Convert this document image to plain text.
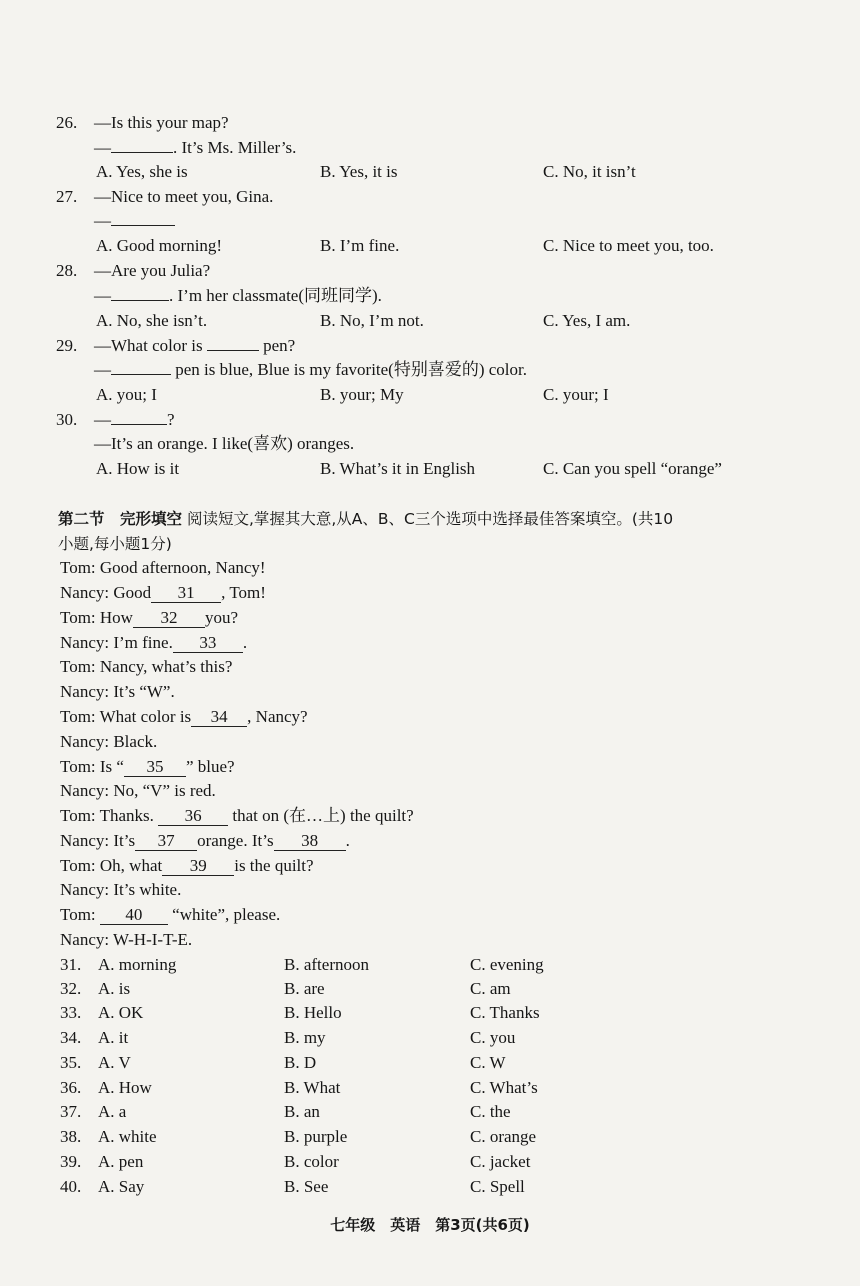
26. —Is this your map?
—	. It’s Ms. Miller’s.
A. Yes, she is	B. Yes, it is	C. No, it isn’t
27. —Nice to meet you, Gina.
—
A. Good morning!	B. I’m fine.	C. Nice to meet you, too.
28. —Are you Julia?
—	. I’m her classmate(同班同学).
A. No, she isn’t.	B. No, I’m not.	C. Yes, I am.
29. —What color is	pen?
—	pen is blue, Blue is my favorite(特别喜爱的) color.
A. you; I	B. your; My	C. your; I
30. —	?
—It’s an orange. I like(喜欢) oranges.
A. How is it	B. What’s it in English	C. Can you spell “orange”
第二节　完形填空 阅读短文,掌握其大意,从A、B、C三个选项中选择最佳答案填空。(共10
小题,每小题1分)
Tom: Good afternoon, Nancy!
Nancy: Good 31 , Tom!
Tom: How 32 you?
Nancy: I’m fine. 33 .
Tom: Nancy, what’s this?
Nancy: It’s “W”.
Tom: What color is 34 , Nancy?
Nancy: Black.
Tom: Is “ 35 ” blue?
Nancy: No, “V” is red.
Tom: Thanks. 36 that on (在…上) the quilt?
Nancy: It’s 37 orange. It’s 38 .
Tom: Oh, what 39 is the quilt?
Nancy: It’s white.
Tom: 40 “white”, please.
Nancy: W-H-I-T-E.
31. A. morning	B. afternoon	C. evening
32. A. is	B. are	C. am
33. A. OK	B. Hello	C. Thanks
34. A. it	B. my	C. you
35. A. V	B. D	C. W
36. A. How	B. What	C. What’s
37. A. a	B. an	C. the
38. A. white	B. purple	C. orange
39. A. pen	B. color	C. jacket
40. A. Say	B. See	C. Spell
七年级　英语　第3页(共6页)
